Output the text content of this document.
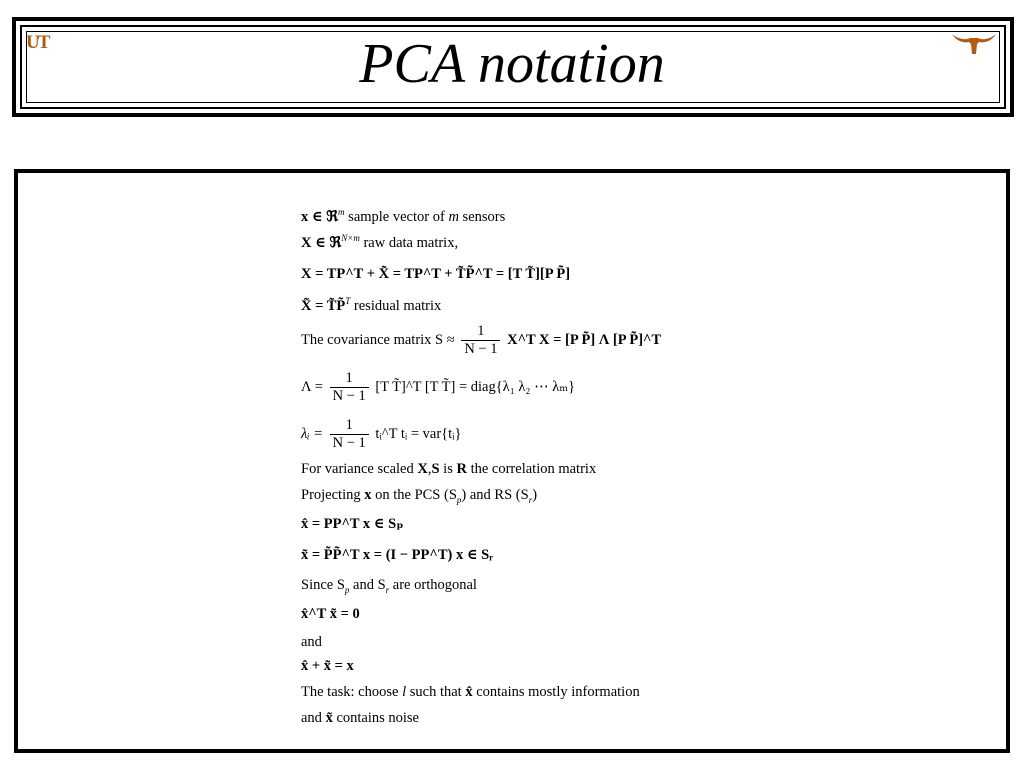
UT	PCA notation
x ∈ ℜ$^m$ sample vector of m sensors
X ∈ ℜ$^{N\times m}$ raw data matrix,
X = TP^T + X̃ = TP^T + T̃P̃^T = [T T̃][P P̃]
X̃ = T̃P̃$^T$ residual matrix
The covariance matrix $S \approx \frac{1}{N - 1}$ X^T X = [P P̃] Λ [P P̃]^T
$\Lambda = \frac{1}{N - 1} [T$ T̃]^T [T T̃] = diag{λ₁ λ₂ ⋯ λₘ}
λᵢ = $\frac{1}{N - 1}$ tᵢ^T tᵢ = var{tᵢ}
For variance scaled X,S is R the correlation matrix
Projecting x on the PCS $(S_p)$ and RS $(S_r)$
x̂ = PP^T x ∈ Sₚ
x̃ = P̃P̃^T x = (I − PP^T) x ∈ Sᵣ
Since $S_p$ and $S_r$ are orthogonal
x̂^T x̃ = 0
and
x̂ + x̃ = x
The task: choose l such that x̂ contains mostly information
and x̃ contains noise
